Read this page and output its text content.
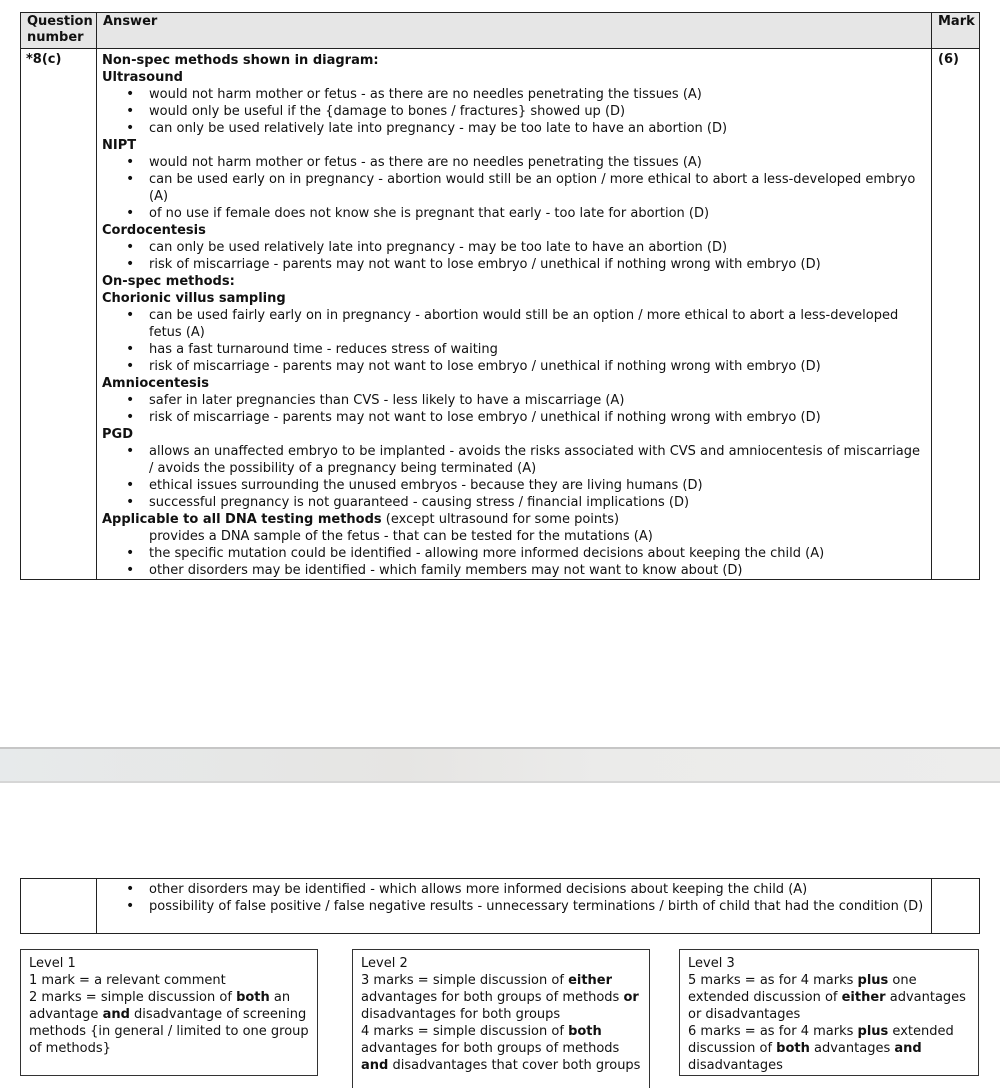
Question number	Answer	Mark
*8(c)	Non-spec methods shown in diagram:
Ultrasound
• would not harm mother or fetus - as there are no needles penetrating the tissues (A)
• would only be useful if the {damage to bones / fractures} showed up (D)
• can only be used relatively late into pregnancy - may be too late to have an abortion (D)
NIPT
• would not harm mother or fetus - as there are no needles penetrating the tissues (A)
• can be used early on in pregnancy - abortion would still be an option / more ethical to abort a less-developed embryo (A)
• of no use if female does not know she is pregnant that early - too late for abortion (D)
Cordocentesis
• can only be used relatively late into pregnancy - may be too late to have an abortion (D)
• risk of miscarriage - parents may not want to lose embryo / unethical if nothing wrong with embryo (D)
On-spec methods:
Chorionic villus sampling
• can be used fairly early on in pregnancy - abortion would still be an option / more ethical to abort a less-developed fetus (A)
• has a fast turnaround time - reduces stress of waiting
• risk of miscarriage - parents may not want to lose embryo / unethical if nothing wrong with embryo (D)
Amniocentesis
• safer in later pregnancies than CVS - less likely to have a miscarriage (A)
• risk of miscarriage - parents may not want to lose embryo / unethical if nothing wrong with embryo (D)
PGD
• allows an unaffected embryo to be implanted - avoids the risks associated with CVS and amniocentesis of miscarriage / avoids the possibility of a pregnancy being terminated (A)
• ethical issues surrounding the unused embryos - because they are living humans (D)
• successful pregnancy is not guaranteed - causing stress / financial implications (D)
Applicable to all DNA testing methods (except ultrasound for some points)
provides a DNA sample of the fetus - that can be tested for the mutations (A)
• the specific mutation could be identified - allowing more informed decisions about keeping the child (A)
• other disorders may be identified - which family members may not want to know about (D)
	(6)

• other disorders may be identified - which allows more informed decisions about keeping the child (A)
• possibility of false positive / false negative results - unnecessary terminations / birth of child that had the condition (D)

Level 1
1 mark = a relevant comment
2 marks = simple discussion of both an advantage and disadvantage of screening methods {in general / limited to one group of methods}
Level 2
3 marks = simple discussion of either advantages for both groups of methods or disadvantages for both groups
4 marks = simple discussion of both advantages for both groups of methods and disadvantages that cover both groups
Level 3
5 marks = as for 4 marks plus one extended discussion of either advantages or disadvantages
6 marks = as for 4 marks plus extended discussion of both advantages and disadvantages
